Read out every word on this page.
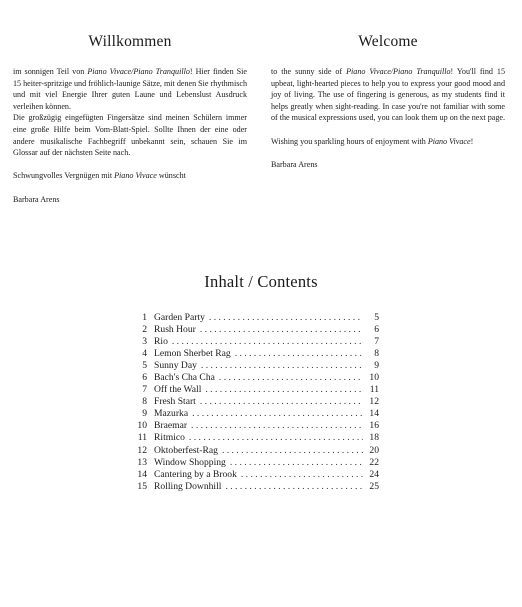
Willkommen

im sonnigen Teil von Piano Vivace/Piano Tranquillo! Hier finden Sie 15 heiter-spritzige und fröhlich-launige Sätze, mit denen Sie rhythmisch und mit viel Energie Ihrer guten Laune und Lebenslust Ausdruck verleihen können.

Die großzügig eingefügten Fingersätze sind meinen Schülern immer eine große Hilfe beim Vom-Blatt-Spiel. Sollte Ihnen der eine oder andere musikalische Fachbegriff unbekannt sein, schauen Sie im Glossar auf der nächsten Seite nach.

Schwungvolles Vergnügen mit Piano Vivace wünscht

Barbara Arens

Welcome

to the sunny side of Piano Vivace/Piano Tranquillo! You'll find 15 upbeat, light-hearted pieces to help you to express your good mood and joy of living. The use of fingering is generous, as my students find it helps greatly when sight-reading. In case you're not familiar with some of the musical expressions used, you can look them up on the next page.

Wishing you sparkling hours of enjoyment with Piano Vivace!

Barbara Arens

Inhalt / Contents
1 Garden Party . . .	5
2 Rush Hour . . .	6
3 Rio . . .	7
4 Lemon Sherbet Rag . . .	8
5 Sunny Day . . .	9
6 Bach's Cha Cha . . .	10
7 Off the Wall . . .	11
8 Fresh Start . . .	12
9 Mazurka . . .	14
10 Braemar . . .	16
11 Ritmico . . .	18
12 Oktoberfest-Rag . . .	20
13 Window Shopping . . .	22
14 Cantering by a Brook . . .	24
15 Rolling Downhill . . .	25
